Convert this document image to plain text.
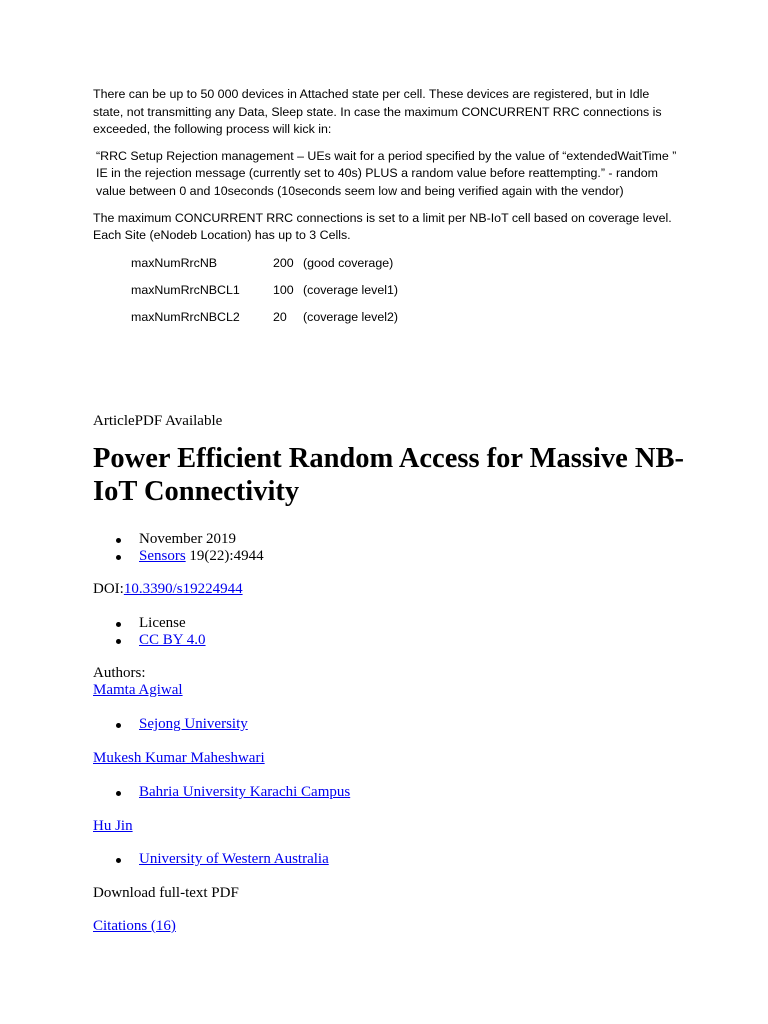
There can be up to 50 000 devices in Attached state per cell. These devices are registered, but in Idle state, not transmitting any Data, Sleep state. In case the maximum CONCURRENT RRC connections is exceeded, the following process will kick in:

“RRC Setup Rejection management – UEs wait for a period specified by the value of “extendedWaitTime ” IE in the rejection message (currently set to 40s) PLUS a random value before reattempting.” - random value between 0 and 10seconds (10seconds seem low and being verified again with the vendor)

The maximum CONCURRENT RRC connections is set to a limit per NB-IoT cell based on coverage level. Each Site (eNodeb Location) has up to 3 Cells.

maxNumRrcNB	200 (good coverage)
maxNumRrcNBCL1	100 (coverage level1)
maxNumRrcNBCL2	20	(coverage level2)
ArticlePDF Available
Power Efficient Random Access for Massive NB-IoT Connectivity
November 2019
Sensors 19(22):4944
DOI:10.3390/s19224944
License
CC BY 4.0
Authors:
Mamta Agiwal
Sejong University
Mukesh Kumar Maheshwari
Bahria University Karachi Campus
Hu Jin
University of Western Australia
Download full-text PDF
Citations (16)
